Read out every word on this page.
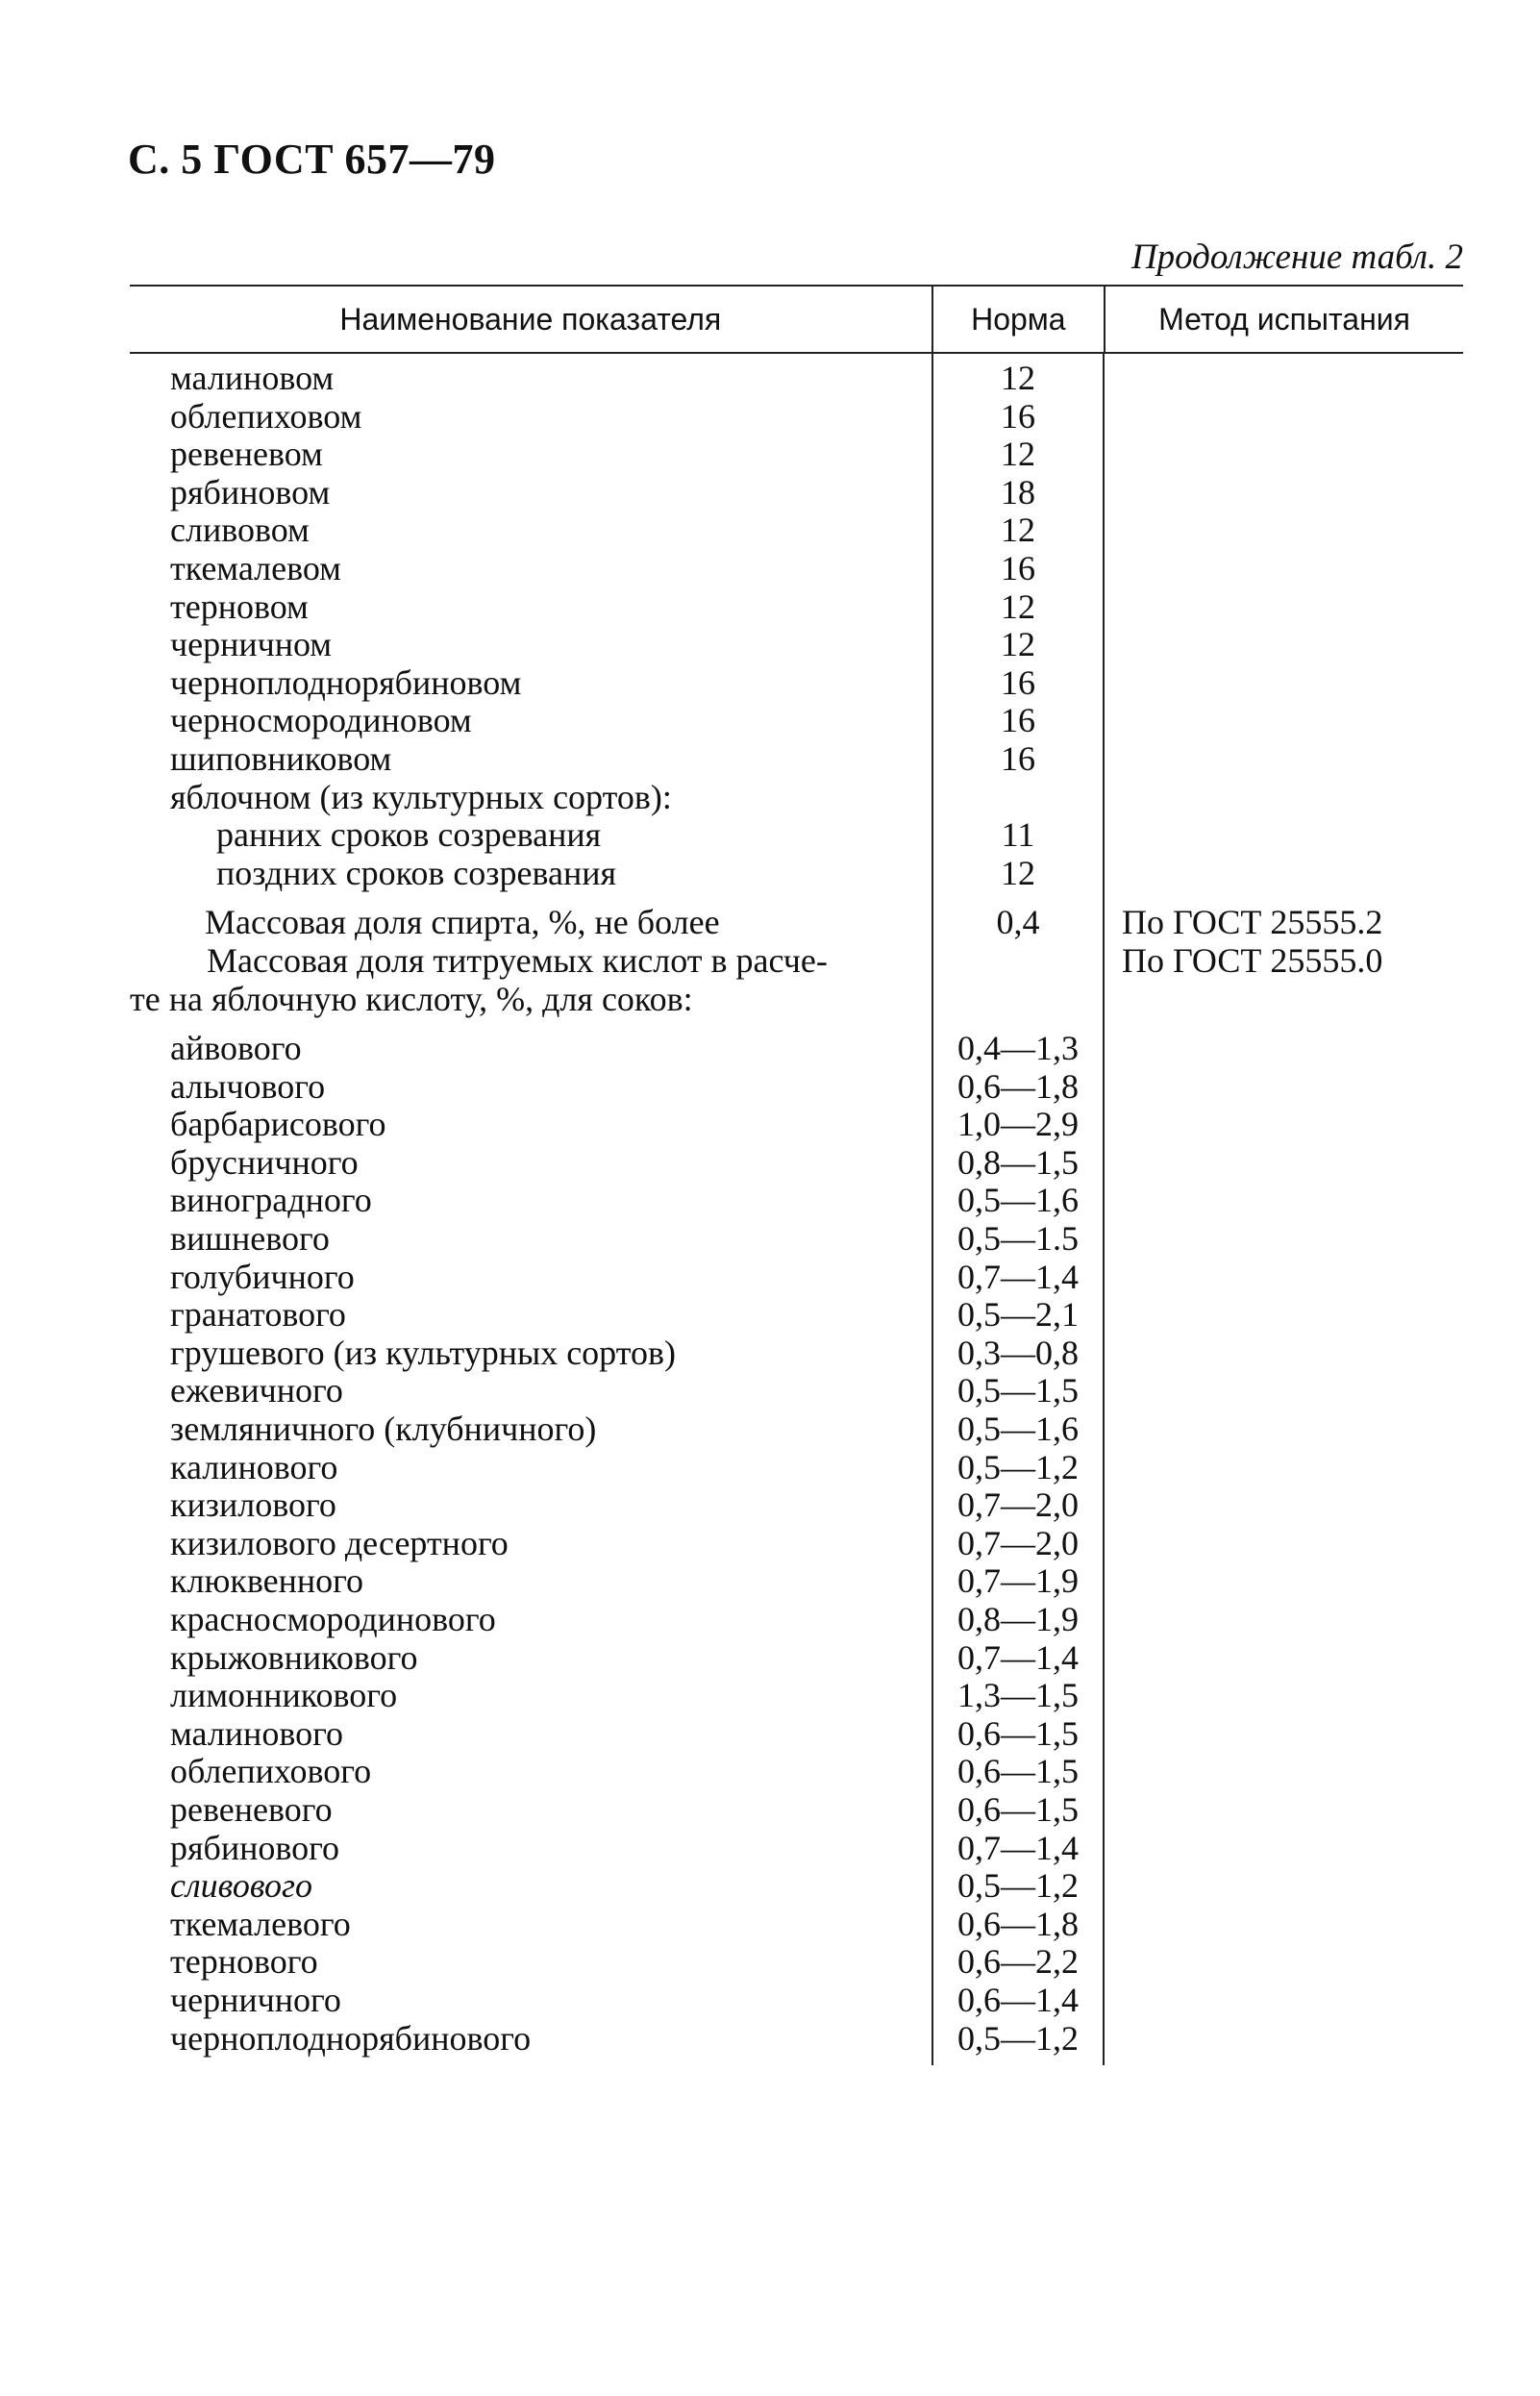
С. 5 ГОСТ 657—79
Продолжение табл. 2
Наименование показателя	Норма	Метод испытания
малиновом
облепиховом
ревеневом
рябиновом
сливовом
ткемалевом
терновом
черничном
черноплоднорябиновом
черносмородиновом
шиповниковом
яблочном (из культурных сортов):
ранних сроков созревания
поздних сроков созревания
Массовая доля спирта, %, не более
Массовая доля титруемых кислот в расче-
те на яблочную кислоту, %, для соков:
айвового
алычового
барбарисового
брусничного
виноградного
вишневого
голубичного
гранатового
грушевого (из культурных сортов)
ежевичного
земляничного (клубничного)
калинового
кизилового
кизилового десертного
клюквенного
красносмородинового
крыжовникового
лимонникового
малинового
облепихового
ревеневого
рябинового
сливового
ткемалевого
тернового
черничного
черноплоднорябинового
12
16
12
18
12
16
12
12
16
16
16
11
12
0,4
0,4—1,3
0,6—1,8
1,0—2,9
0,8—1,5
0,5—1,6
0,5—1.5
0,7—1,4
0,5—2,1
0,3—0,8
0,5—1,5
0,5—1,6
0,5—1,2
0,7—2,0
0,7—2,0
0,7—1,9
0,8—1,9
0,7—1,4
1,3—1,5
0,6—1,5
0,6—1,5
0,6—1,5
0,7—1,4
0,5—1,2
0,6—1,8
0,6—2,2
0,6—1,4
0,5—1,2
По ГОСТ 25555.2
По ГОСТ 25555.0
